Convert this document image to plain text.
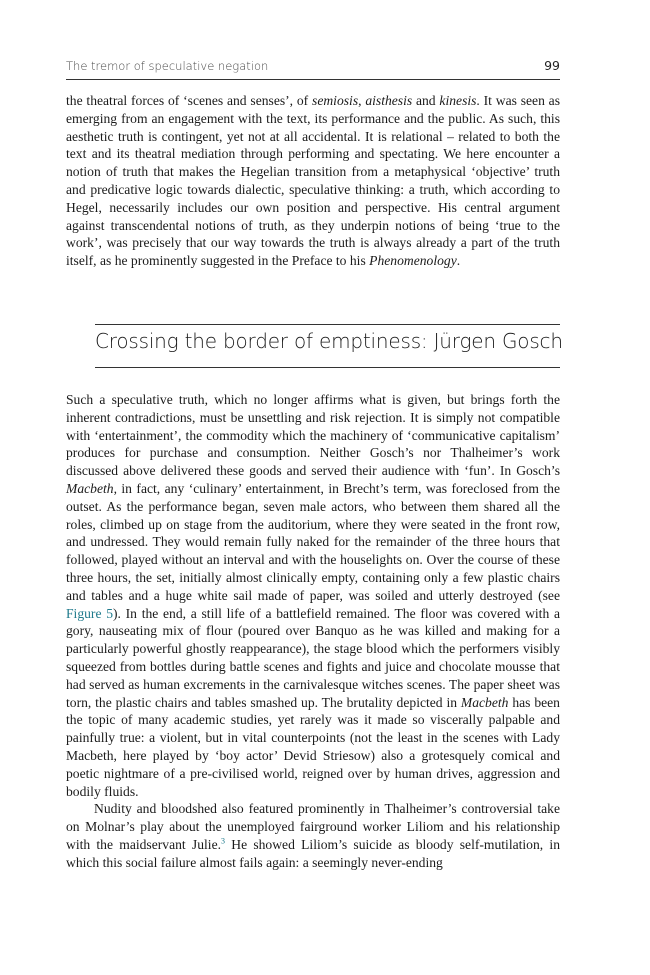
The tremor of speculative negation	99

the theatral forces of ‘scenes and senses’, of semiosis, aisthesis and kinesis. It was seen as emerging from an engagement with the text, its performance and the public. As such, this aesthetic truth is contingent, yet not at all accidental. It is relational – related to both the text and its theatral mediation through performing and spectating. We here encounter a notion of truth that makes the Hegelian transition from a metaphysical ‘objective’ truth and predicative logic towards dialectic, speculative thinking: a truth, which according to Hegel, necessarily includes our own position and perspective. His central argument against transcendental notions of truth, as they underpin notions of being ‘true to the work’, was precisely that our way towards the truth is always already a part of the truth itself, as he prominently suggested in the Preface to his Phenomenology.

Crossing the border of emptiness: Jürgen Gosch

Such a speculative truth, which no longer affirms what is given, but brings forth the inherent contradictions, must be unsettling and risk rejection. It is simply not compatible with ‘entertainment’, the commodity which the machinery of ‘communicative capitalism’ produces for purchase and consumption. Neither Gosch’s nor Thalheimer’s work discussed above delivered these goods and served their audience with ‘fun’. In Gosch’s Macbeth, in fact, any ‘culinary’ entertainment, in Brecht’s term, was foreclosed from the outset. As the performance began, seven male actors, who between them shared all the roles, climbed up on stage from the auditorium, where they were seated in the front row, and undressed. They would remain fully naked for the remainder of the three hours that followed, played without an interval and with the houselights on. Over the course of these three hours, the set, initially almost clinically empty, containing only a few plastic chairs and tables and a huge white sail made of paper, was soiled and utterly destroyed (see Figure 5). In the end, a still life of a battlefield remained. The floor was covered with a gory, nauseating mix of flour (poured over Banquo as he was killed and making for a particularly powerful ghostly reappearance), the stage blood which the performers visibly squeezed from bottles during battle scenes and fights and juice and chocolate mousse that had served as human excrements in the carnivalesque witches scenes. The paper sheet was torn, the plastic chairs and tables smashed up. The brutality depicted in Macbeth has been the topic of many academic studies, yet rarely was it made so viscerally palpable and painfully true: a violent, but in vital counterpoints (not the least in the scenes with Lady Macbeth, here played by ‘boy actor’ Devid Striesow) also a grotesquely comical and poetic nightmare of a pre-civilised world, reigned over by human drives, aggression and bodily fluids.

Nudity and bloodshed also featured prominently in Thalheimer’s controversial take on Molnar’s play about the unemployed fairground worker Liliom and his relationship with the maidservant Julie.$^3$ He showed Liliom’s suicide as bloody self-mutilation, in which this social failure almost fails again: a seemingly never-ending
